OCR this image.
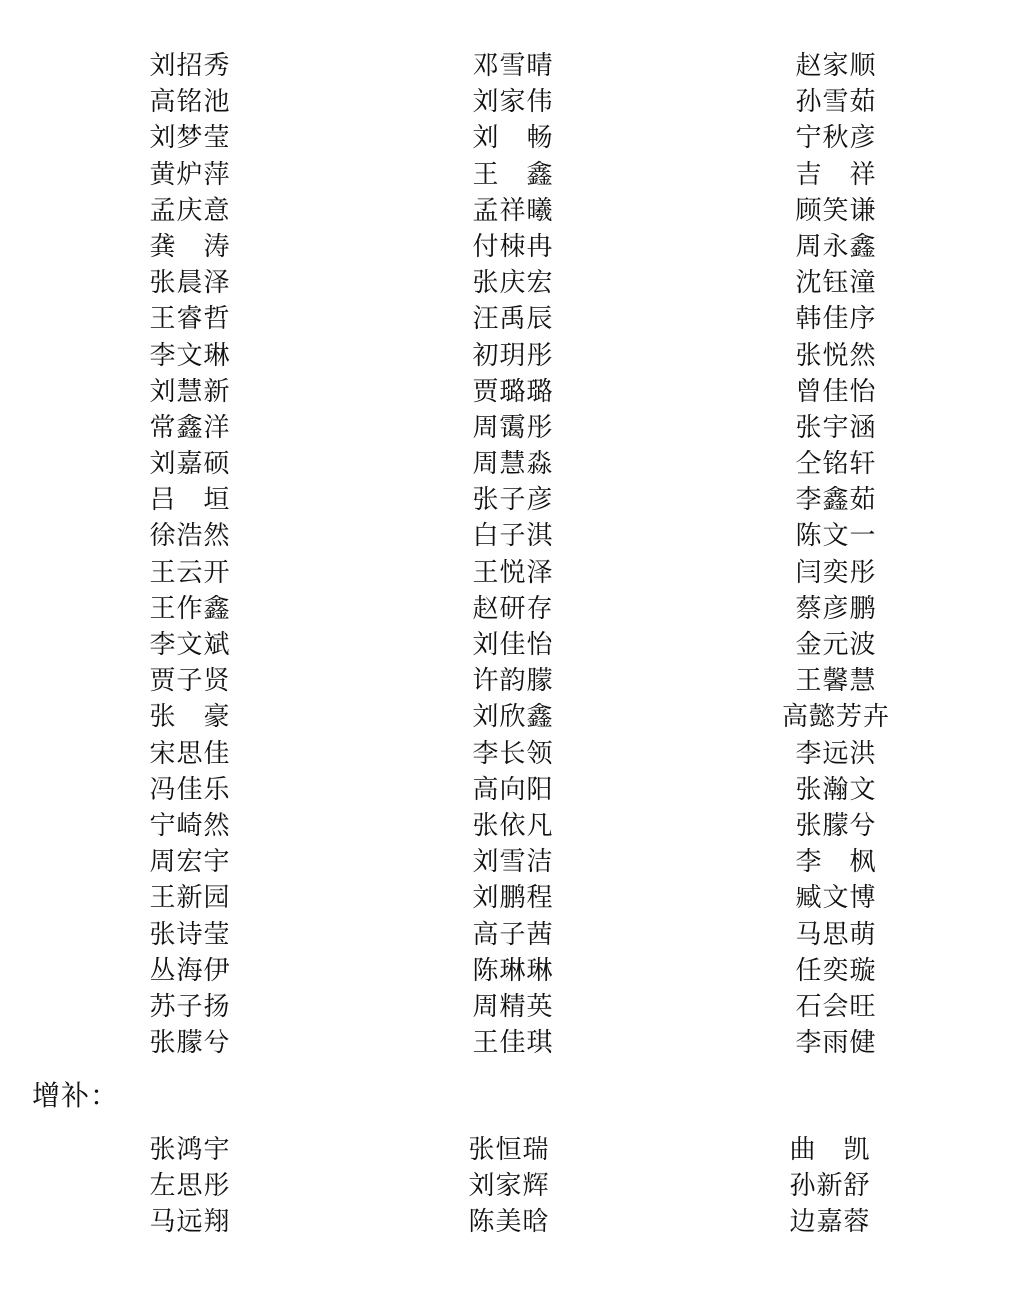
刘招秀	邓雪晴	赵家顺
高铭池	刘家伟	孙雪茹
刘梦莹	刘　畅	宁秋彦
黄炉萍	王　鑫	吉　祥
孟庆意	孟祥曦	顾笑谦
龚　涛	付栜冉	周永鑫
张晨泽	张庆宏	沈钰潼
王睿哲	汪禹辰	韩佳序
李文琳	初玥彤	张悦然
刘慧新	贾璐璐	曾佳怡
常鑫洋	周霭彤	张宇涵
刘嘉硕	周慧淼	仝铭轩
吕　垣	张子彦	李鑫茹
徐浩然	白子淇	陈文一
王云开	王悦泽	闫奕彤
王作鑫	赵研存	蔡彦鹏
李文斌	刘佳怡	金元波
贾子贤	许韵朦	王馨慧
张　豪	刘欣鑫	高懿芳卉
宋思佳	李长领	李远洪
冯佳乐	高向阳	张瀚文
宁崎然	张依凡	张朦兮
周宏宇	刘雪洁	李　枫
王新园	刘鹏程	臧文博
张诗莹	高子茜	马思萌
丛海伊	陈琳琳	任奕璇
苏子扬	周精英	石会旺
张朦兮	王佳琪	李雨健
增补：
张鸿宇	张恒瑞	曲　凯
左思彤	刘家辉	孙新舒
马远翔	陈美晗	边嘉蓉
